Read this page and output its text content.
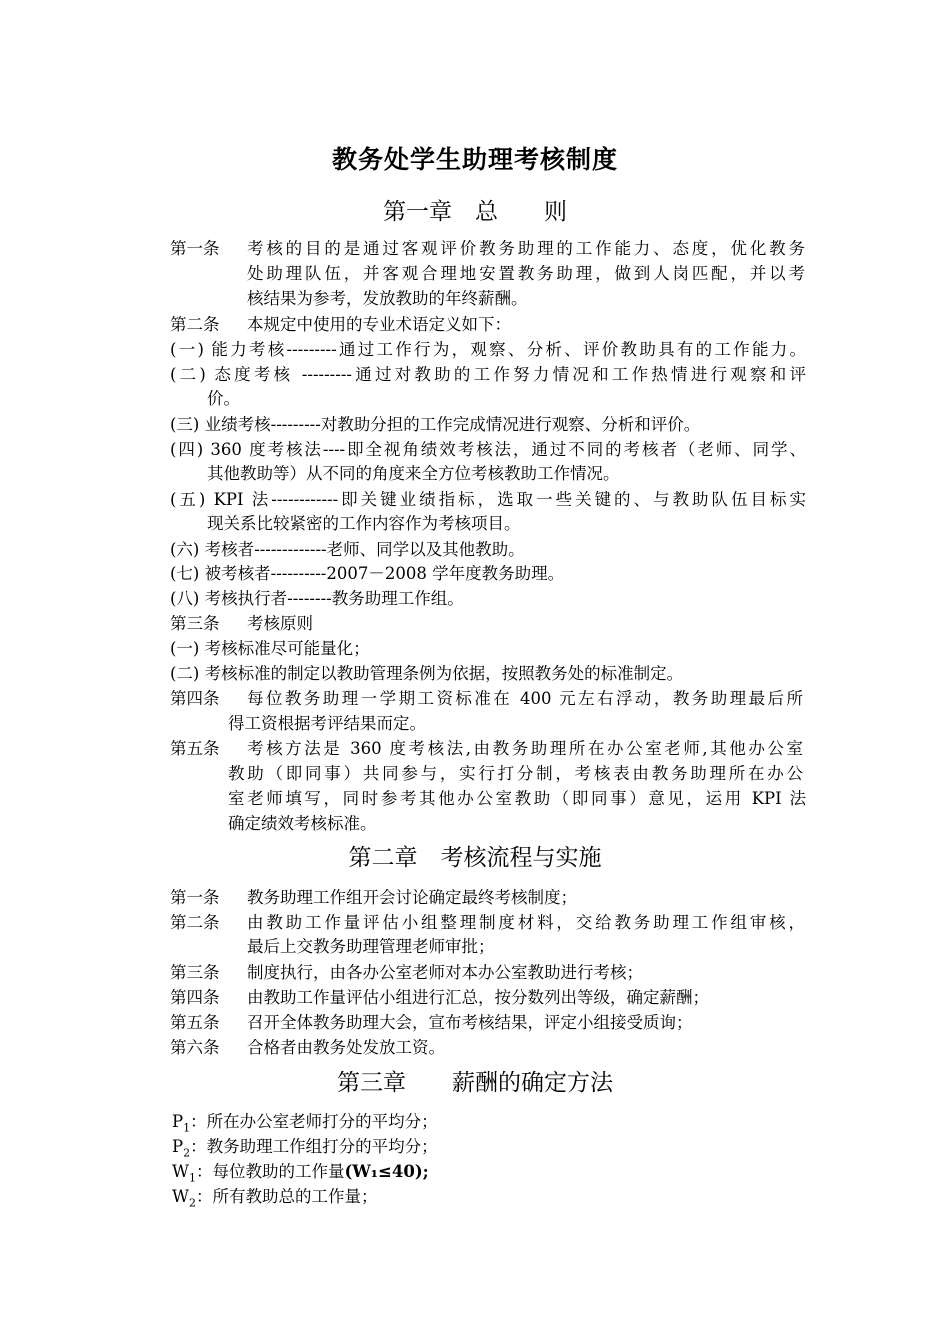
教务处学生助理考核制度
第一章　总　　则
第一条 考核的目的是通过客观评价教务助理的工作能力、态度，优化教务
处助理队伍，并客观合理地安置教务助理，做到人岗匹配，并以考
核结果为参考，发放教助的年终薪酬。
第二条 本规定中使用的专业术语定义如下：
(一) 能力考核---------通过工作行为，观察、分析、评价教助具有的工作能力。
(二) 态度考核 ---------通过对教助的工作努力情况和工作热情进行观察和评
价。
(三) 业绩考核---------对教助分担的工作完成情况进行观察、分析和评价。
(四) 360 度考核法----即全视角绩效考核法，通过不同的考核者（老师、同学、
其他教助等）从不同的角度来全方位考核教助工作情况。
(五) KPI 法------------即关键业绩指标，选取一些关键的、与教助队伍目标实
现关系比较紧密的工作内容作为考核项目。
(六) 考核者-------------老师、同学以及其他教助。
(七) 被考核者----------2007－2008 学年度教务助理。
(八) 考核执行者--------教务助理工作组。
第三条 考核原则
(一) 考核标准尽可能量化；
(二) 考核标准的制定以教助管理条例为依据，按照教务处的标准制定。
第四条 每位教务助理一学期工资标准在 400 元左右浮动，教务助理最后所
得工资根据考评结果而定。
第五条 考核方法是 360 度考核法,由教务助理所在办公室老师,其他办公室
教助（即同事）共同参与，实行打分制，考核表由教务助理所在办公
室老师填写，同时参考其他办公室教助（即同事）意见，运用 KPI 法
确定绩效考核标准。
第二章　考核流程与实施
第一条 教务助理工作组开会讨论确定最终考核制度；
第二条 由教助工作量评估小组整理制度材料，交给教务助理工作组审核，
最后上交教务助理管理老师审批；
第三条 制度执行，由各办公室老师对本办公室教助进行考核；
第四条 由教助工作量评估小组进行汇总，按分数列出等级，确定薪酬；
第五条 召开全体教务助理大会，宣布考核结果，评定小组接受质询；
第六条 合格者由教务处发放工资。
第三章　　薪酬的确定方法
$P_1$：所在办公室老师打分的平均分；
$P_2$：教务助理工作组打分的平均分；
$W_1$：每位教助的工作量(W₁≤40);
$W_2$：所有教助总的工作量；
